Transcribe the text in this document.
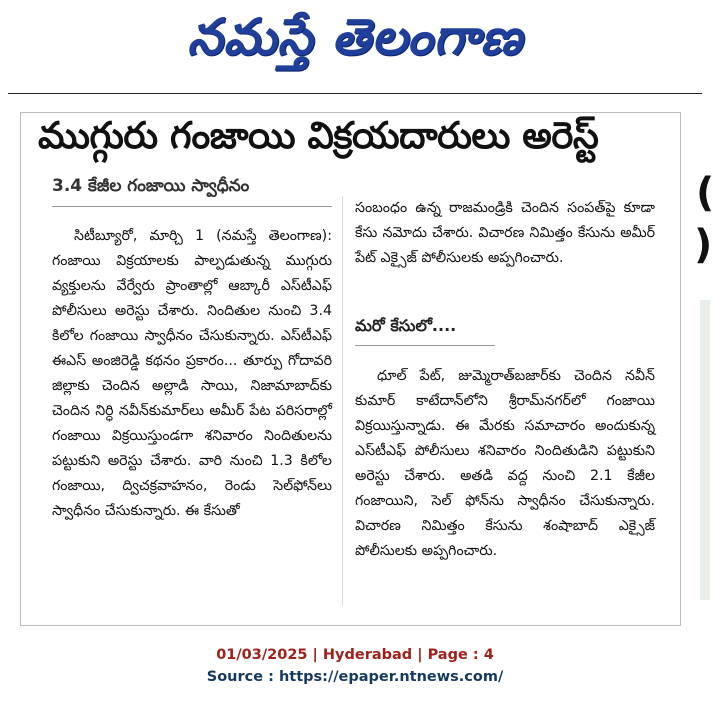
నమస్తే తెలంగాణ
ముగ్గురు గంజాయి విక్రయదారులు అరెస్ట్
3.4 కేజీల గంజాయి స్వాధీనం

సిటీబ్యూరో, మార్చి 1 (నమస్తే తెలంగాణ): గంజాయి విక్రయాలకు పాల్పడుతున్న ముగ్గురు వ్యక్తులను వేర్వేరు ప్రాంతాల్లో ఆబ్కారీ ఎస్‌టీఎఫ్ పోలీసులు అరెస్టు చేశారు. నిందితుల నుంచి 3.4 కిలోల గంజాయి స్వాధీనం చేసుకున్నారు. ఎస్‌టీఎఫ్ ఈఎస్ అంజిరెడ్డి కథనం ప్రకారం... తూర్పు గోదావరి జిల్లాకు చెందిన అల్లాడి సాయి, నిజామాబాద్‌కు చెందిన నిర్ధి నవీన్‌కుమార్‌లు అమీర్ పేట పరిసరాల్లో గంజాయి విక్రయిస్తుండగా శనివారం నిందితులను పట్టుకుని అరెస్టు చేశారు. వారి నుంచి 1.3 కిలోల గంజాయి, ద్విచక్రవాహనం, రెండు సెల్‌ఫోన్‌లు స్వాధీనం చేసుకున్నారు. ఈ కేసుతో

సంబంధం ఉన్న రాజమండ్రికి చెందిన సంపత్‌పై కూడా కేసు నమోదు చేశారు. విచారణ నిమిత్తం కేసును అమీర్ పేట్ ఎక్సైజ్ పోలీసులకు అప్పగించారు.

మరో కేసులో....

ధూల్ పేట్, జుమ్మెరాత్‌బజార్‌కు చెందిన నవీన్ కుమార్ కాటేదాన్‌లోని శ్రీరామ్‌నగర్‌లో గంజాయి విక్రయిస్తున్నాడు. ఈ మేరకు సమాచారం అందుకున్న ఎస్‌టీఎఫ్ పోలీసులు శనివారం నిందితుడిని పట్టుకుని అరెస్టు చేశారు. అతడి వద్ద నుంచి 2.1 కేజీల గంజాయిని, సెల్ ఫోన్‌ను స్వాధీనం చేసుకున్నారు. విచారణ నిమిత్తం కేసును శంషాబాద్ ఎక్సైజ్ పోలీసులకు అప్పగించారు.

(
)
01/03/2025 | Hyderabad | Page : 4
Source : https://epaper.ntnews.com/
